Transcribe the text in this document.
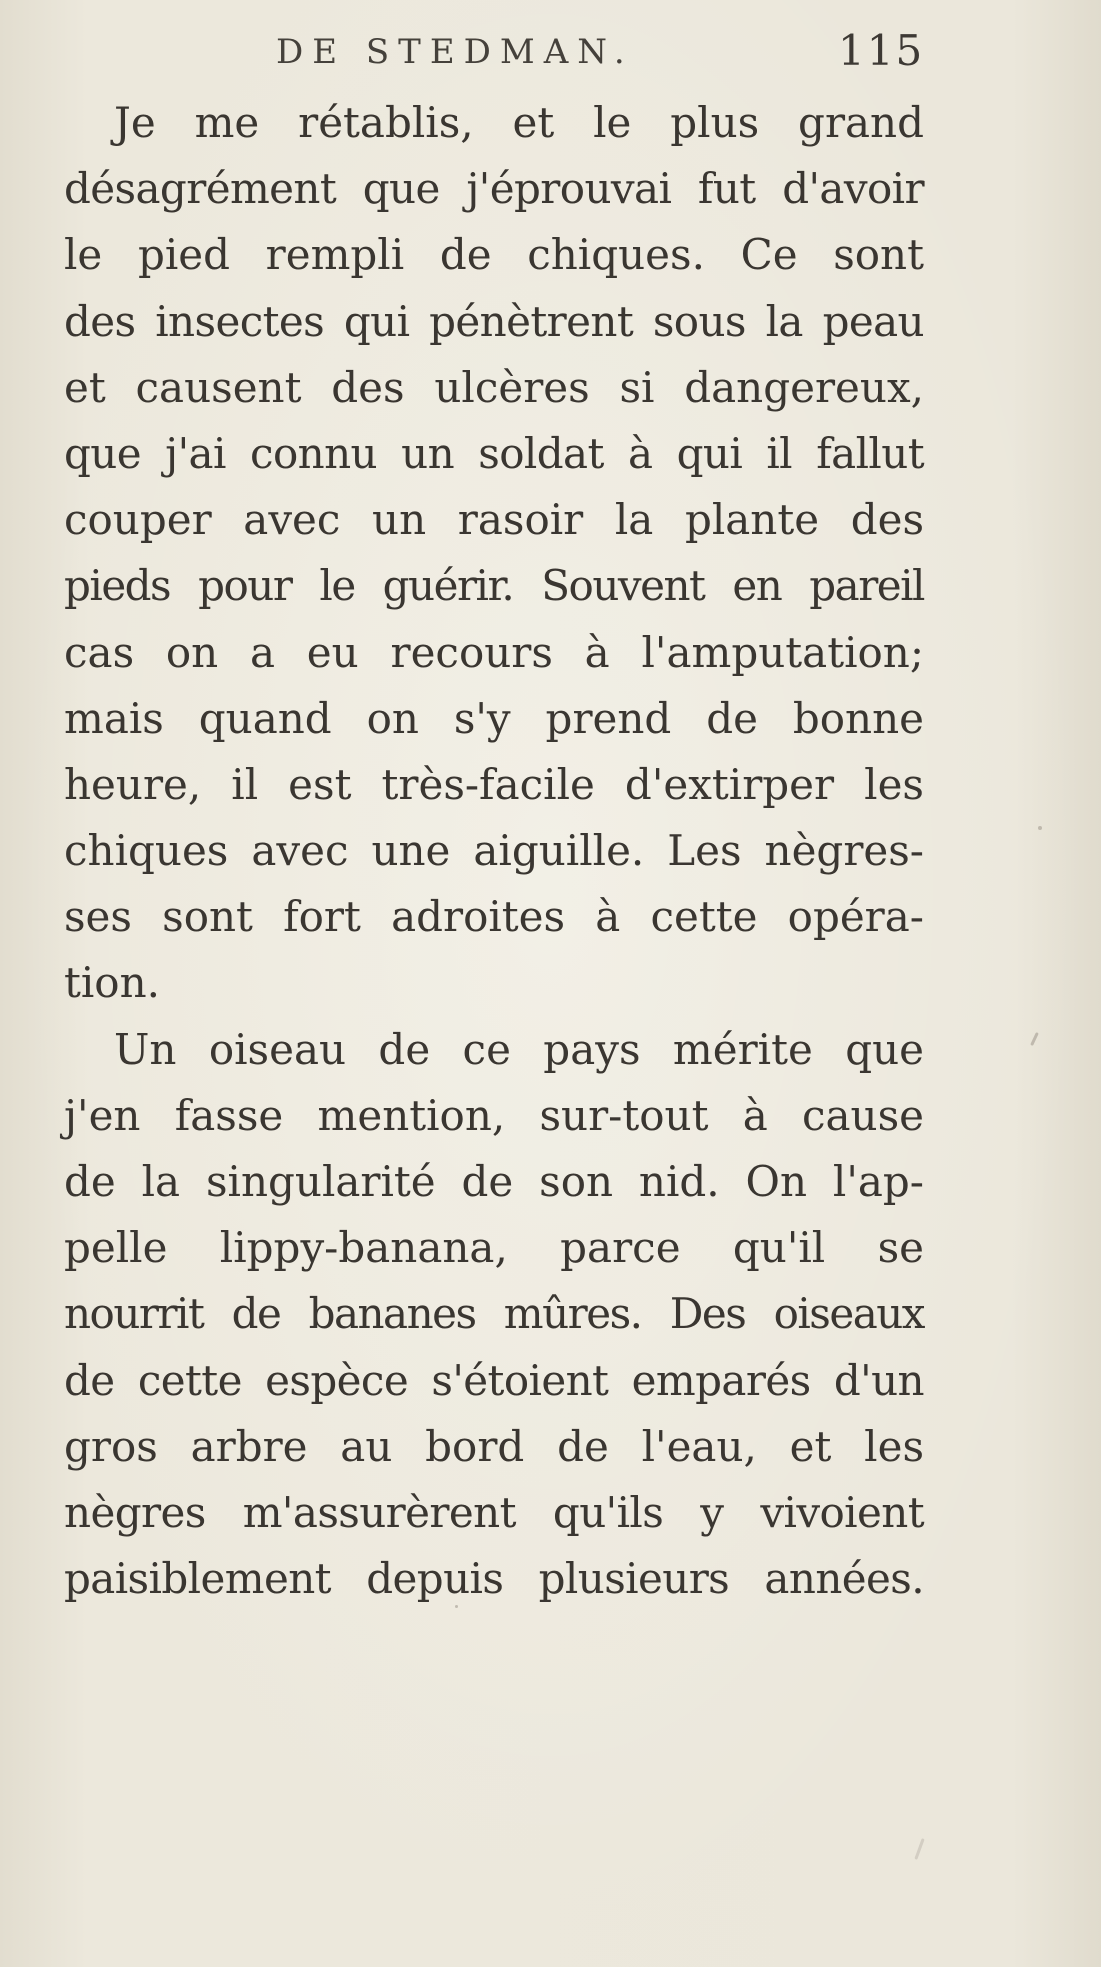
DE STEDMAN.	115
Je me rétablis, et le plus grand
désagrément que j'éprouvai fut d'avoir
le pied rempli de chiques. Ce sont
des insectes qui pénètrent sous la peau
et causent des ulcères si dangereux,
que j'ai connu un soldat à qui il fallut
couper avec un rasoir la plante des
pieds pour le guérir. Souvent en pareil
cas on a eu recours à l'amputation;
mais quand on s'y prend de bonne
heure, il est très-facile d'extirper les
chiques avec une aiguille. Les nègres-
ses sont fort adroites à cette opéra-
tion.
Un oiseau de ce pays mérite que
j'en fasse mention, sur-tout à cause
de la singularité de son nid. On l'ap-
pelle lippy-banana, parce qu'il se
nourrit de bananes mûres. Des oiseaux
de cette espèce s'étoient emparés d'un
gros arbre au bord de l'eau, et les
nègres m'assurèrent qu'ils y vivoient
paisiblement depuis plusieurs années.
